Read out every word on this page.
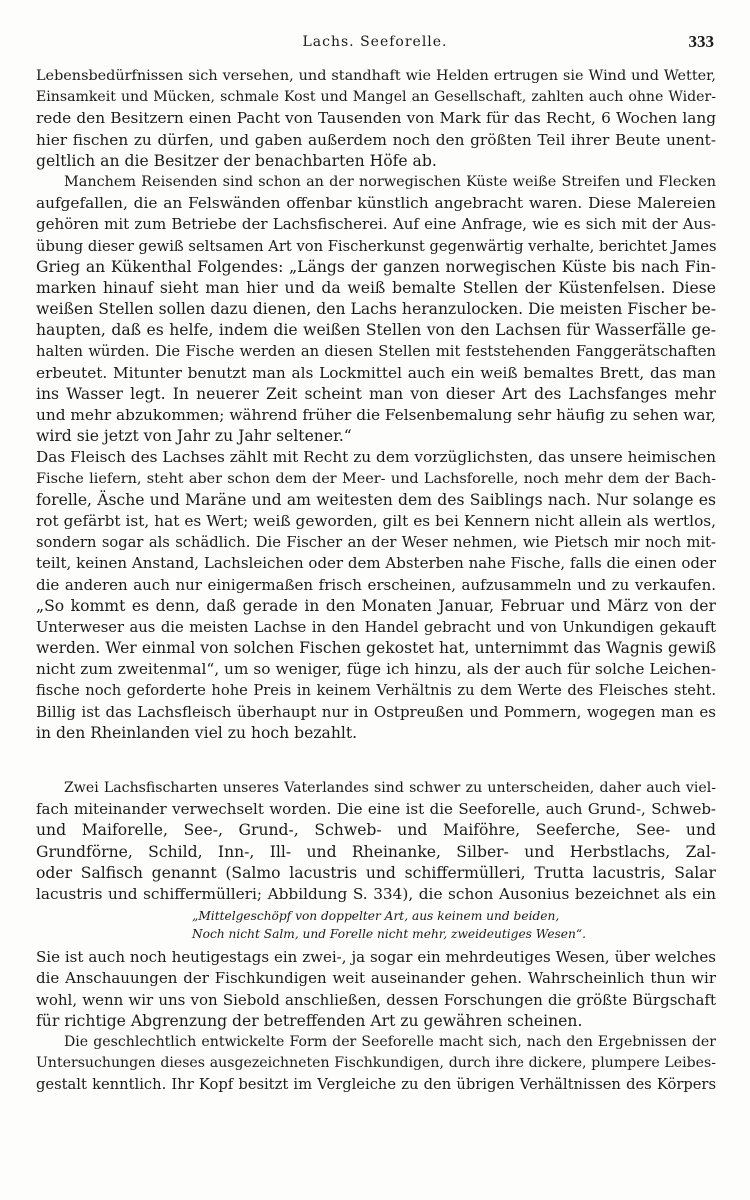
Lachs. Seeforelle.	333
Lebensbedürfnissen sich versehen, und standhaft wie Helden ertrugen sie Wind und Wetter,
Einsamkeit und Mücken, schmale Kost und Mangel an Gesellschaft, zahlten auch ohne Wider-
rede den Besitzern einen Pacht von Tausenden von Mark für das Recht, 6 Wochen lang
hier fischen zu dürfen, und gaben außerdem noch den größten Teil ihrer Beute unent-
geltlich an die Besitzer der benachbarten Höfe ab.
Manchem Reisenden sind schon an der norwegischen Küste weiße Streifen und Flecken
aufgefallen, die an Felswänden offenbar künstlich angebracht waren. Diese Malereien
gehören mit zum Betriebe der Lachsfischerei. Auf eine Anfrage, wie es sich mit der Aus-
übung dieser gewiß seltsamen Art von Fischerkunst gegenwärtig verhalte, berichtet James
Grieg an Kükenthal Folgendes: „Längs der ganzen norwegischen Küste bis nach Fin-
marken hinauf sieht man hier und da weiß bemalte Stellen der Küstenfelsen. Diese
weißen Stellen sollen dazu dienen, den Lachs heranzulocken. Die meisten Fischer be-
haupten, daß es helfe, indem die weißen Stellen von den Lachsen für Wasserfälle ge-
halten würden. Die Fische werden an diesen Stellen mit feststehenden Fanggerätschaften
erbeutet. Mitunter benutzt man als Lockmittel auch ein weiß bemaltes Brett, das man
ins Wasser legt. In neuerer Zeit scheint man von dieser Art des Lachsfanges mehr
und mehr abzukommen; während früher die Felsenbemalung sehr häufig zu sehen war,
wird sie jetzt von Jahr zu Jahr seltener.“
Das Fleisch des Lachses zählt mit Recht zu dem vorzüglichsten, das unsere heimischen
Fische liefern, steht aber schon dem der Meer- und Lachsforelle, noch mehr dem der Bach-
forelle, Äsche und Maräne und am weitesten dem des Saiblings nach. Nur solange es
rot gefärbt ist, hat es Wert; weiß geworden, gilt es bei Kennern nicht allein als wertlos,
sondern sogar als schädlich. Die Fischer an der Weser nehmen, wie Pietsch mir noch mit-
teilt, keinen Anstand, Lachsleichen oder dem Absterben nahe Fische, falls die einen oder
die anderen auch nur einigermaßen frisch erscheinen, aufzusammeln und zu verkaufen.
„So kommt es denn, daß gerade in den Monaten Januar, Februar und März von der
Unterweser aus die meisten Lachse in den Handel gebracht und von Unkundigen gekauft
werden. Wer einmal von solchen Fischen gekostet hat, unternimmt das Wagnis gewiß
nicht zum zweitenmal“, um so weniger, füge ich hinzu, als der auch für solche Leichen-
fische noch geforderte hohe Preis in keinem Verhältnis zu dem Werte des Fleisches steht.
Billig ist das Lachsfleisch überhaupt nur in Ostpreußen und Pommern, wogegen man es
in den Rheinlanden viel zu hoch bezahlt.
Zwei Lachsfischarten unseres Vaterlandes sind schwer zu unterscheiden, daher auch viel-
fach miteinander verwechselt worden. Die eine ist die Seeforelle, auch Grund-, Schweb-
und Maiforelle, See-, Grund-, Schweb- und Maiföhre, Seeferche, See- und
Grundförne, Schild, Inn-, Ill- und Rheinanke, Silber- und Herbstlachs, Zal-
oder Salfisch genannt (Salmo lacustris und schiffermülleri, Trutta lacustris, Salar
lacustris und schiffermülleri; Abbildung S. 334), die schon Ausonius bezeichnet als ein
„Mittelgeschöpf von doppelter Art, aus keinem und beiden,
Noch nicht Salm, und Forelle nicht mehr, zweideutiges Wesen“.
Sie ist auch noch heutigestags ein zwei-, ja sogar ein mehrdeutiges Wesen, über welches
die Anschauungen der Fischkundigen weit auseinander gehen. Wahrscheinlich thun wir
wohl, wenn wir uns von Siebold anschließen, dessen Forschungen die größte Bürgschaft
für richtige Abgrenzung der betreffenden Art zu gewähren scheinen.
Die geschlechtlich entwickelte Form der Seeforelle macht sich, nach den Ergebnissen der
Untersuchungen dieses ausgezeichneten Fischkundigen, durch ihre dickere, plumpere Leibes-
gestalt kenntlich. Ihr Kopf besitzt im Vergleiche zu den übrigen Verhältnissen des Körpers
